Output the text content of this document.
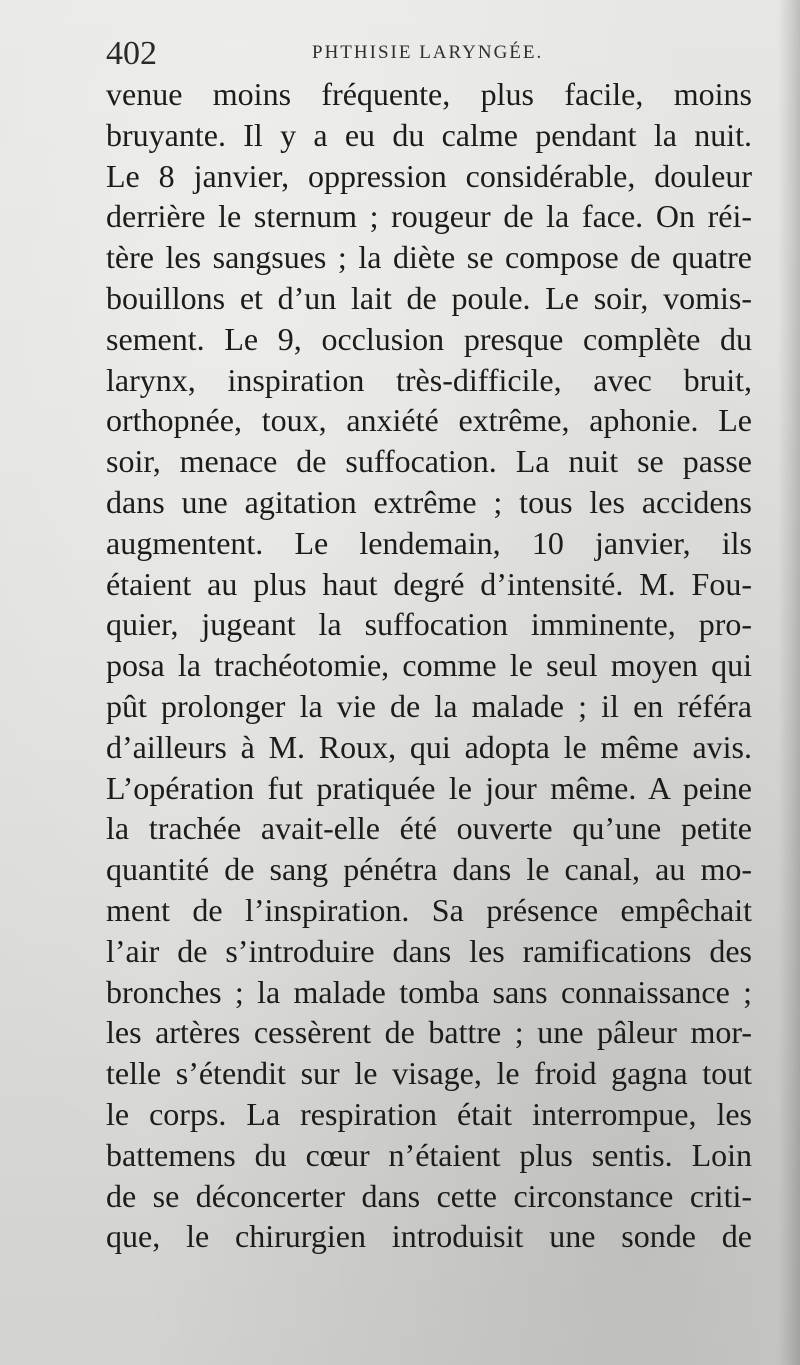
402	PHTHISIE LARYNGÉE.
venue moins fréquente, plus facile, moins
bruyante. Il y a eu du calme pendant la nuit.
Le 8 janvier, oppression considérable, douleur
derrière le sternum ; rougeur de la face. On réi-
tère les sangsues ; la diète se compose de quatre
bouillons et d’un lait de poule. Le soir, vomis-
sement. Le 9, occlusion presque complète du
larynx, inspiration très-difficile, avec bruit,
orthopnée, toux, anxiété extrême, aphonie. Le
soir, menace de suffocation. La nuit se passe
dans une agitation extrême ; tous les accidens
augmentent. Le lendemain, 10 janvier, ils
étaient au plus haut degré d’intensité. M. Fou-
quier, jugeant la suffocation imminente, pro-
posa la trachéotomie, comme le seul moyen qui
pût prolonger la vie de la malade ; il en référa
d’ailleurs à M. Roux, qui adopta le même avis.
L’opération fut pratiquée le jour même. A peine
la trachée avait-elle été ouverte qu’une petite
quantité de sang pénétra dans le canal, au mo-
ment de l’inspiration. Sa présence empêchait
l’air de s’introduire dans les ramifications des
bronches ; la malade tomba sans connaissance ;
les artères cessèrent de battre ; une pâleur mor-
telle s’étendit sur le visage, le froid gagna tout
le corps. La respiration était interrompue, les
battemens du cœur n’étaient plus sentis. Loin
de se déconcerter dans cette circonstance criti-
que, le chirurgien introduisit une sonde de
